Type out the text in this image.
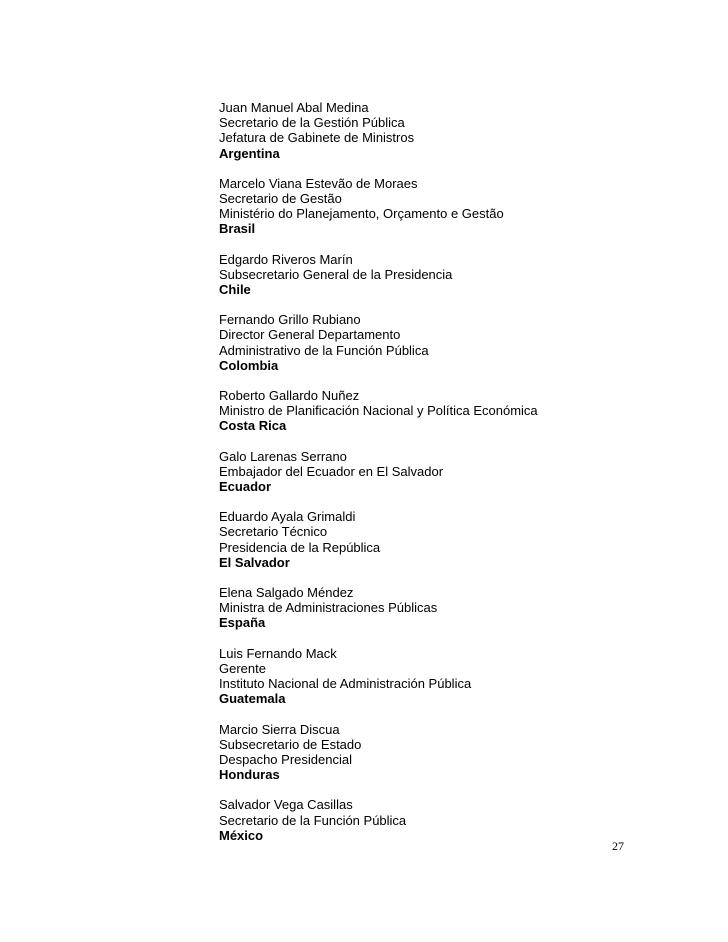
Juan Manuel Abal Medina
Secretario de la Gestión Pública
Jefatura de Gabinete de Ministros
Argentina
Marcelo Viana Estevão de Moraes
Secretario de Gestão
Ministério do Planejamento, Orçamento e Gestão
Brasil
Edgardo Riveros Marín
Subsecretario General de la Presidencia
Chile
Fernando Grillo Rubiano
Director General Departamento
Administrativo de la Función Pública
Colombia
Roberto Gallardo Nuñez
Ministro de Planificación Nacional y Política Económica
Costa Rica
Galo Larenas Serrano
Embajador del Ecuador en El Salvador
Ecuador
Eduardo Ayala Grimaldi
Secretario Técnico
Presidencia de la República
El Salvador
Elena Salgado Méndez
Ministra de Administraciones Públicas
España
Luis Fernando Mack
Gerente
Instituto Nacional de Administración Pública
Guatemala
Marcio Sierra Discua
Subsecretario de Estado
Despacho Presidencial
Honduras
Salvador Vega Casillas
Secretario de la Función Pública
México
27
